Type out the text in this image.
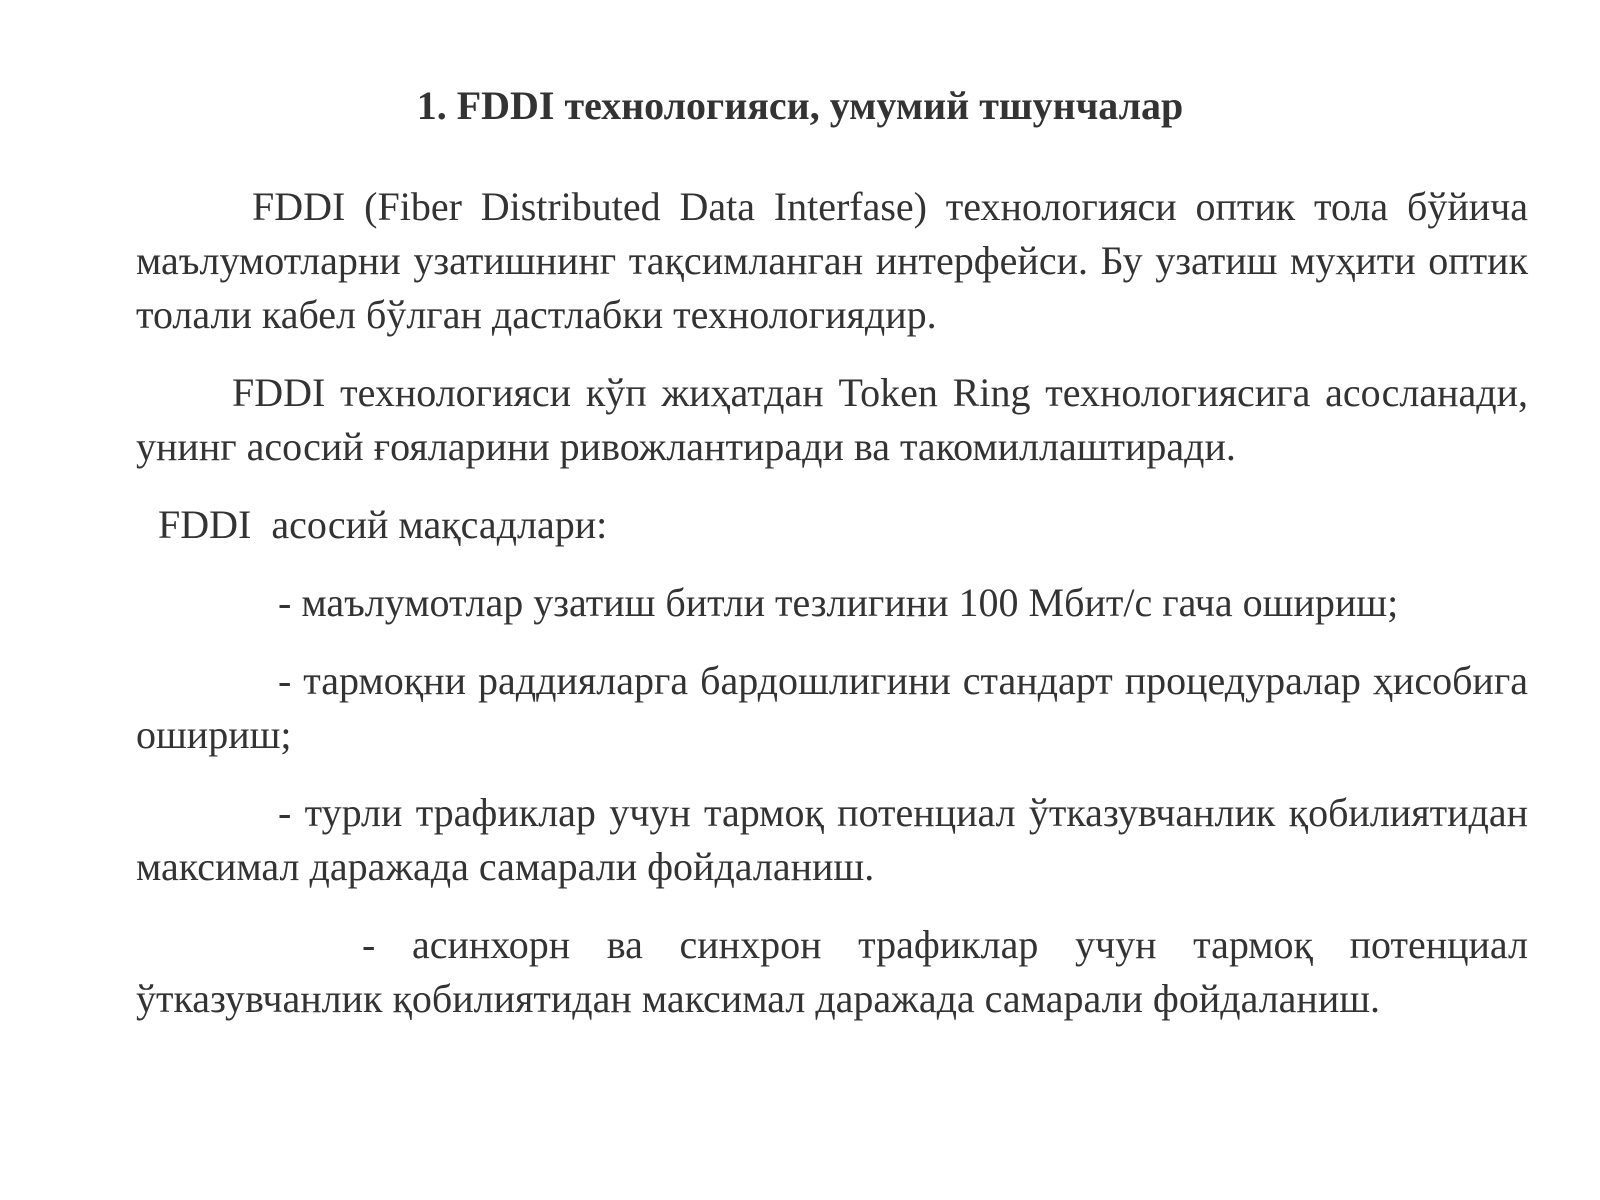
1. FDDI технологияси, умумий тшунчалар

FDDI (Fiber Distributed Data Interfase) технологияси оптик тола бўйича маълумотларни узатишнинг тақсимланган интерфейси. Бу узатиш муҳити оптик толали кабел бўлган дастлабки технологиядир.

FDDI технологияси кўп жиҳатдан Token Ring технологиясига асосланади, унинг асосий ғояларини ривожлантиради ва такомиллаштиради.

FDDI  асосий мақсадлари:

- маълумотлар узатиш битли тезлигини 100 Мбит/с гача ошириш;

- тармоқни раддияларга бардошлигини стандарт процедуралар ҳисобига ошириш;

- турли трафиклар учун тармоқ потенциал ўтказувчанлик қобилиятидан максимал даражада самарали фойдаланиш.

- асинхорн ва синхрон трафиклар учун тармоқ потенциал ўтказувчанлик қобилиятидан максимал даражада самарали фойдаланиш.
